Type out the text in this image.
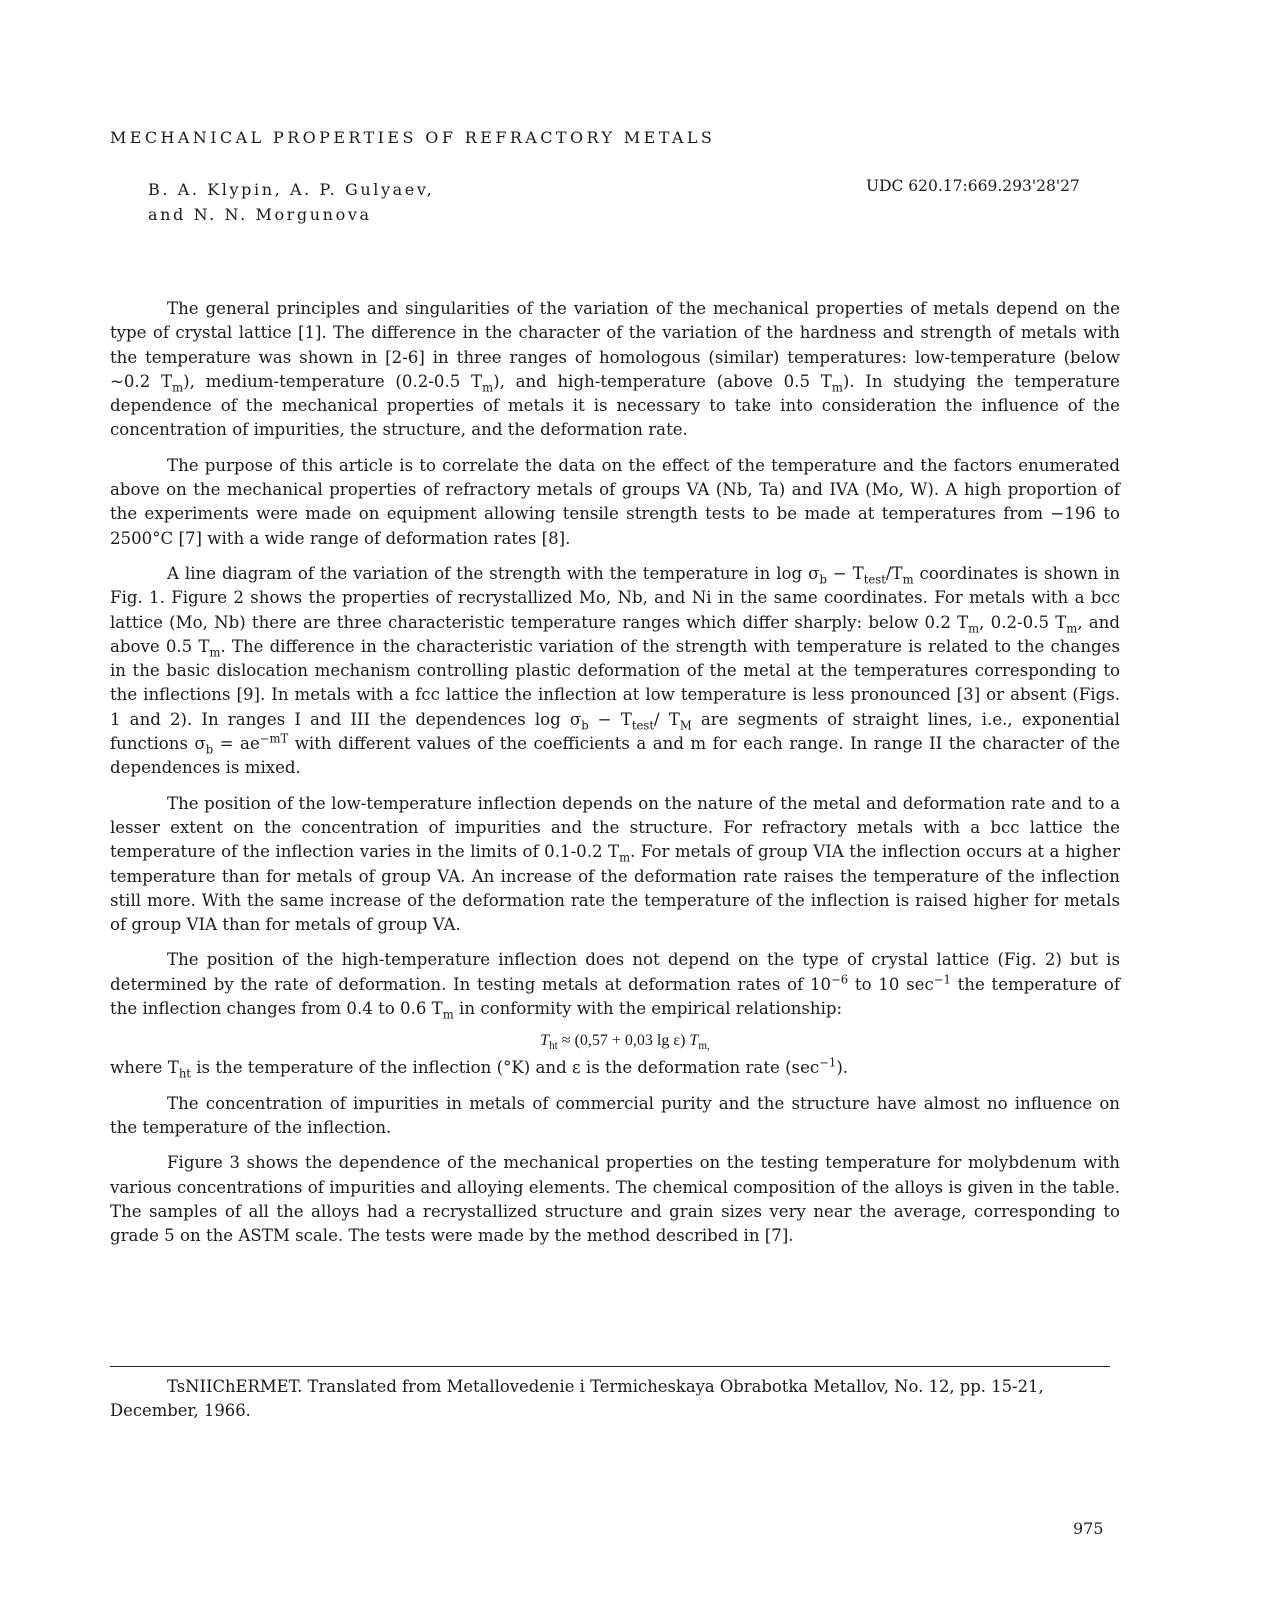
MECHANICAL PROPERTIES OF REFRACTORY METALS
B. A. Klypin, A. P. Gulyaev,
and N. N. Morgunova
UDC 620.17:669.293'28'27

The general principles and singularities of the variation of the mechanical properties of metals depend on the type of crystal lattice [1]. The difference in the character of the variation of the hardness and strength of metals with the temperature was shown in [2-6] in three ranges of homologous (similar) temperatures: low-temperature (below ~0.2 $T_m$), medium-temperature (0.2-0.5 $T_m$), and high-temperature (above 0.5 $T_m$). In studying the temperature dependence of the mechanical properties of metals it is necessary to take into consideration the influence of the concentration of impurities, the structure, and the deformation rate.

The purpose of this article is to correlate the data on the effect of the temperature and the factors enumerated above on the mechanical properties of refractory metals of groups VA (Nb, Ta) and IVA (Mo, W). A high proportion of the experiments were made on equipment allowing tensile strength tests to be made at temperatures from −196 to 2500°C [7] with a wide range of deformation rates [8].

A line diagram of the variation of the strength with the temperature in $\log \sigma_b - T_{test}/T_m$ coordinates is shown in Fig. 1. Figure 2 shows the properties of recrystallized Mo, Nb, and Ni in the same coordinates. For metals with a bcc lattice (Mo, Nb) there are three characteristic temperature ranges which differ sharply: below 0.2 $T_m$, 0.2-0.5 $T_m$, and above 0.5 $T_m$. The difference in the characteristic variation of the strength with temperature is related to the changes in the basic dislocation mechanism controlling plastic deformation of the metal at the temperatures corresponding to the inflections [9]. In metals with a fcc lattice the inflection at low temperature is less pronounced [3] or absent (Figs. 1 and 2). In ranges I and III the dependences $\log \sigma_b - T_{test}/$ $T_M$ are segments of straight lines, i.e., exponential functions $\sigma_b = ae^{-mT}$ with different values of the coefficients a and m for each range. In range II the character of the dependences is mixed.

The position of the low-temperature inflection depends on the nature of the metal and deformation rate and to a lesser extent on the concentration of impurities and the structure. For refractory metals with a bcc lattice the temperature of the inflection varies in the limits of 0.1-0.2 $T_m$. For metals of group VIA the inflection occurs at a higher temperature than for metals of group VA. An increase of the deformation rate raises the temperature of the inflection still more. With the same increase of the deformation rate the temperature of the inflection is raised higher for metals of group VIA than for metals of group VA.

The position of the high-temperature inflection does not depend on the type of crystal lattice (Fig. 2) but is determined by the rate of deformation. In testing metals at deformation rates of $10^{-6}$ to 10 $\sec^{-1}$ the temperature of the inflection changes from 0.4 to 0.6 $T_m$ in conformity with the empirical relationship:

$T_{ht} \approx (0,57 + 0,03$ lg ε) $T_{m,}$

where $T_{ht}$ is the temperature of the inflection (°K) and ε is the deformation rate $(\sec^{-1})$.

The concentration of impurities in metals of commercial purity and the structure have almost no influence on the temperature of the inflection.

Figure 3 shows the dependence of the mechanical properties on the testing temperature for molybdenum with various concentrations of impurities and alloying elements. The chemical composition of the alloys is given in the table. The samples of all the alloys had a recrystallized structure and grain sizes very near the average, corresponding to grade 5 on the ASTM scale. The tests were made by the method described in [7].

TsNIIChERMET. Translated from Metallovedenie i Termicheskaya Obrabotka Metallov, No. 12, pp. 15-21, December, 1966.
975
